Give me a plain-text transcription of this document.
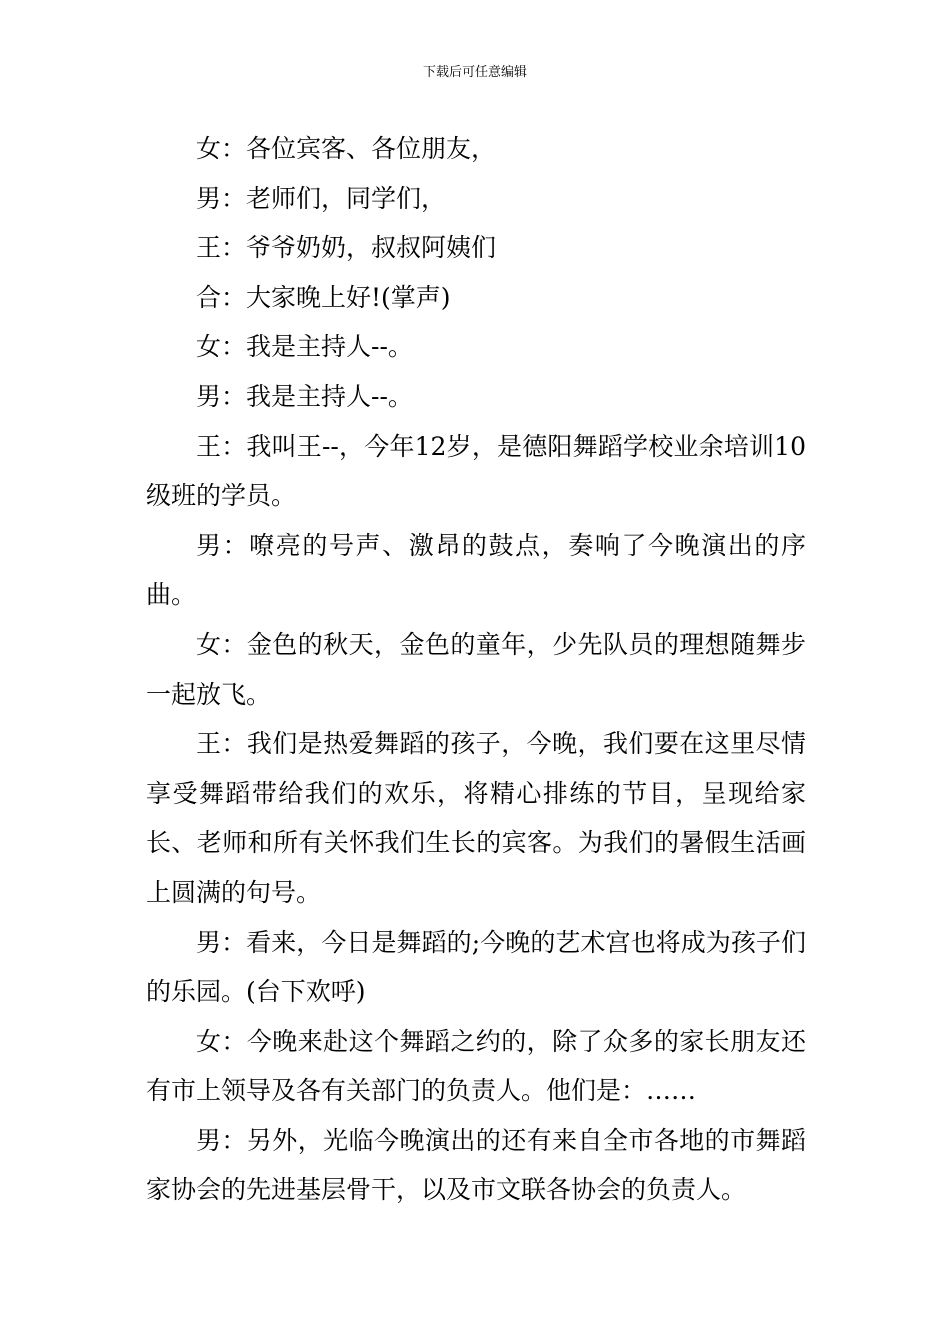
下载后可任意编辑

女：各位宾客、各位朋友，

男：老师们，同学们，

王：爷爷奶奶，叔叔阿姨们

合：大家晚上好!(掌声)

女：我是主持人--。

男：我是主持人--。

王：我叫王--，今年12岁，是德阳舞蹈学校业余培训10级班的学员。

男：嘹亮的号声、激昂的鼓点，奏响了今晚演出的序曲。

女：金色的秋天，金色的童年，少先队员的理想随舞步一起放飞。

王：我们是热爱舞蹈的孩子，今晚，我们要在这里尽情享受舞蹈带给我们的欢乐，将精心排练的节目，呈现给家长、老师和所有关怀我们生长的宾客。为我们的暑假生活画上圆满的句号。

男：看来，今日是舞蹈的;今晚的艺术宫也将成为孩子们的乐园。(台下欢呼)

女：今晚来赴这个舞蹈之约的，除了众多的家长朋友还有市上领导及各有关部门的负责人。他们是：……

男：另外，光临今晚演出的还有来自全市各地的市舞蹈家协会的先进基层骨干，以及市文联各协会的负责人。
